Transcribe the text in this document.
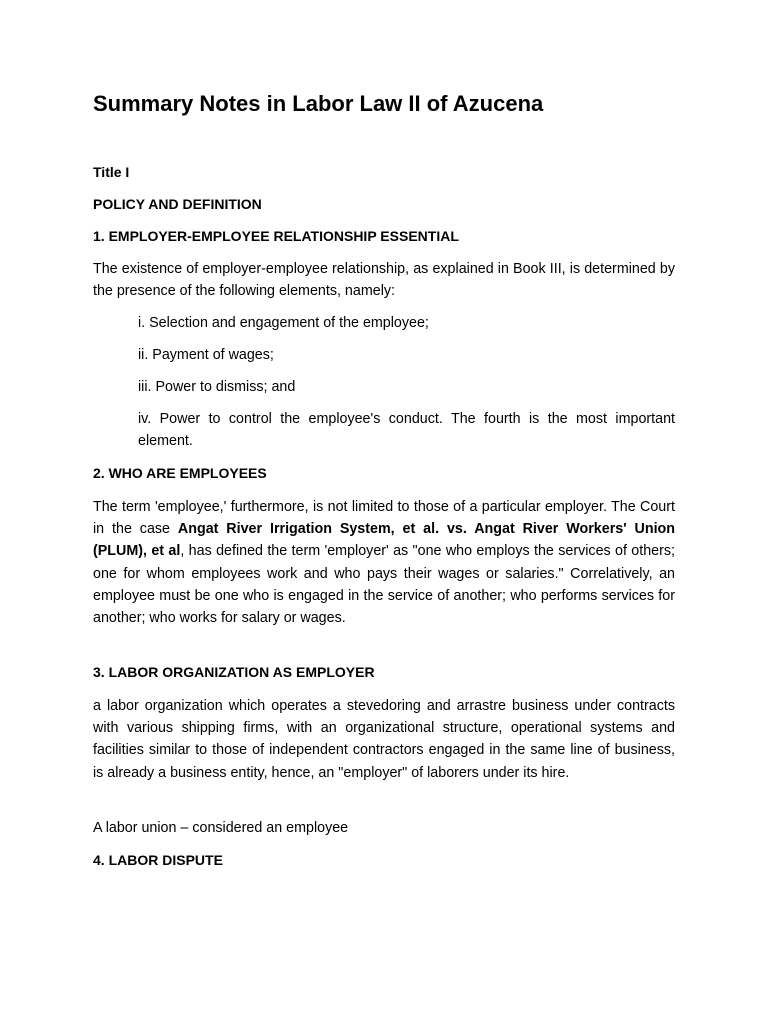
Summary Notes in Labor Law II of Azucena

Title I

POLICY AND DEFINITION

1. EMPLOYER-EMPLOYEE RELATIONSHIP ESSENTIAL

The existence of employer-employee relationship, as explained in Book III, is determined by the presence of the following elements, namely:

i. Selection and engagement of the employee;

ii. Payment of wages;

iii. Power to dismiss; and

iv. Power to control the employee's conduct. The fourth is the most important element.

2. WHO ARE EMPLOYEES

The term 'employee,' furthermore, is not limited to those of a particular employer. The Court in the case Angat River Irrigation System, et al. vs. Angat River Workers' Union (PLUM), et al, has defined the term 'employer' as "one who employs the services of others; one for whom employees work and who pays their wages or salaries." Correlatively, an employee must be one who is engaged in the service of another; who performs services for another; who works for salary or wages.

3. LABOR ORGANIZATION AS EMPLOYER

a labor organization which operates a stevedoring and arrastre business under contracts with various shipping firms, with an organizational structure, operational systems and facilities similar to those of independent contractors engaged in the same line of business, is already a business entity, hence, an "employer" of laborers under its hire.

A labor union – considered an employee

4. LABOR DISPUTE
